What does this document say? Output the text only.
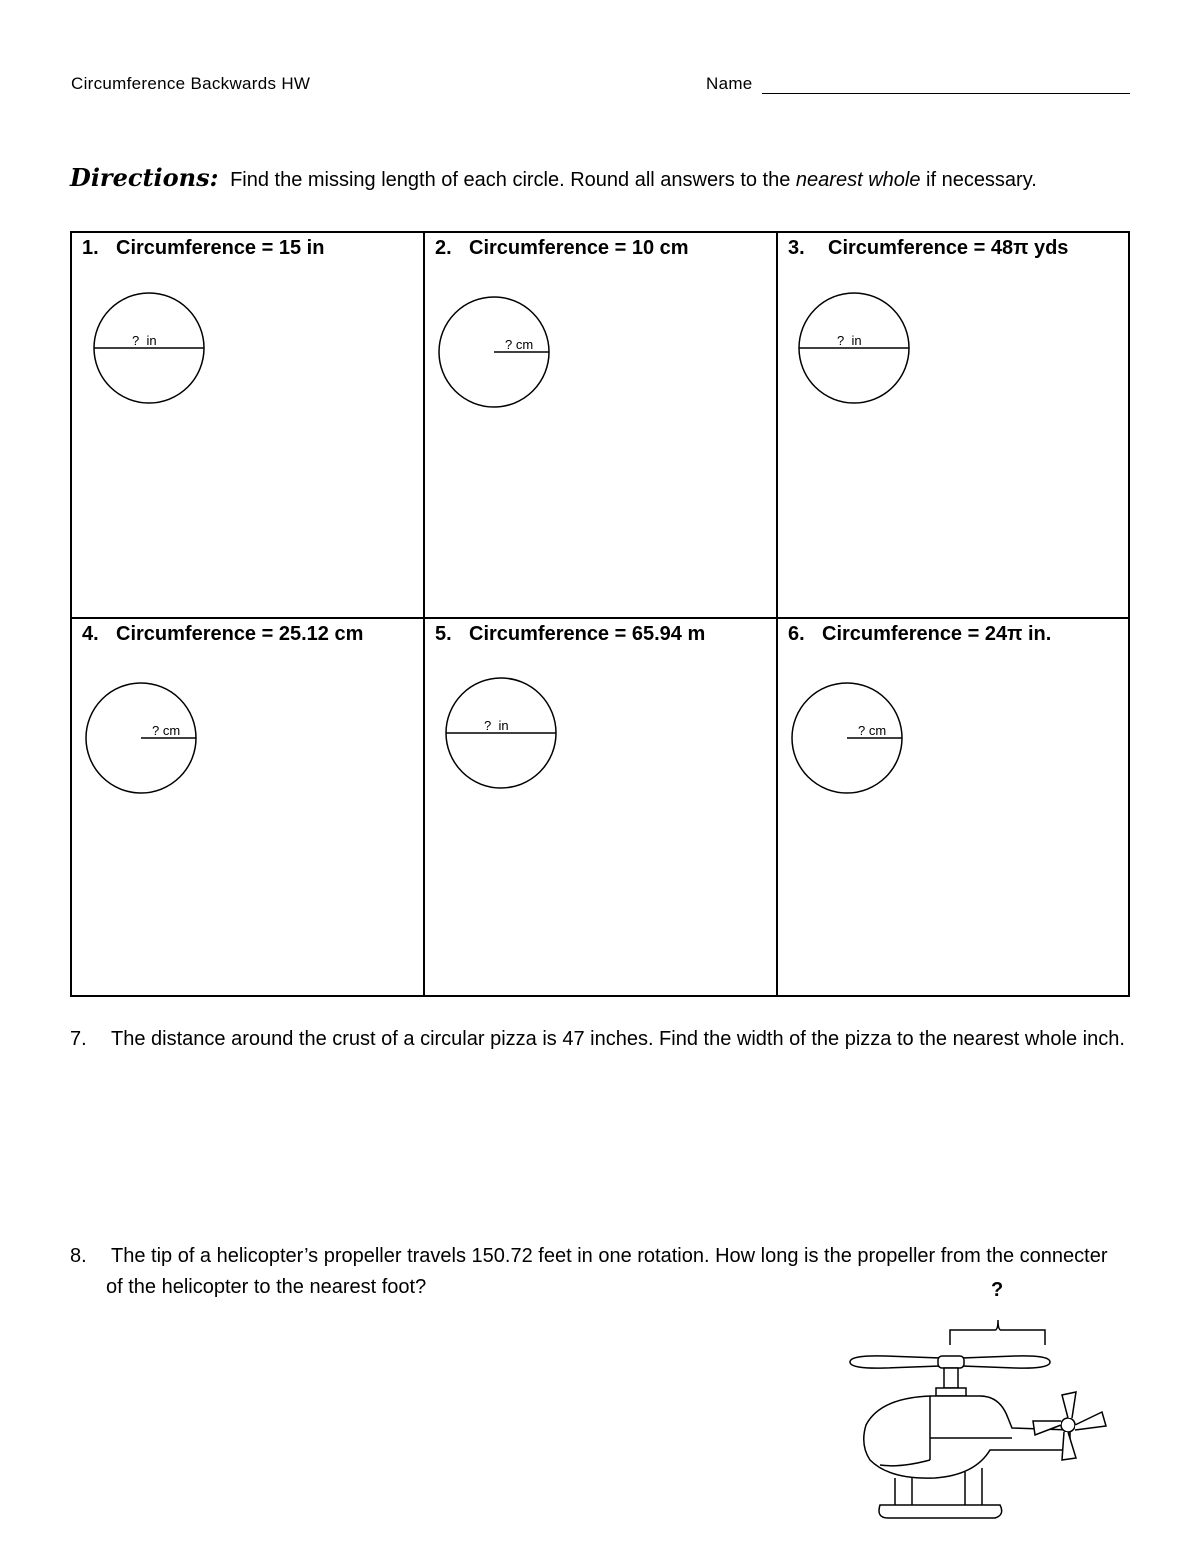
Circumference Backwards HW	Name
Directions: Find the missing length of each circle. Round all answers to the nearest whole if necessary.
1. Circumference = 15 in	2. Circumference = 10 cm	3. Circumference = 48π yds
4. Circumference = 25.12 cm	5. Circumference = 65.94 m	6. Circumference = 24π in.
?  in	? cm	?  in
? cm	?  in	? cm
7.	The distance around the crust of a circular pizza is 47 inches. Find the width of the pizza to the nearest whole inch.
8.	The tip of a helicopter’s propeller travels 150.72 feet in one rotation. How long is the propeller from the connecter of the helicopter to the nearest foot?	?
